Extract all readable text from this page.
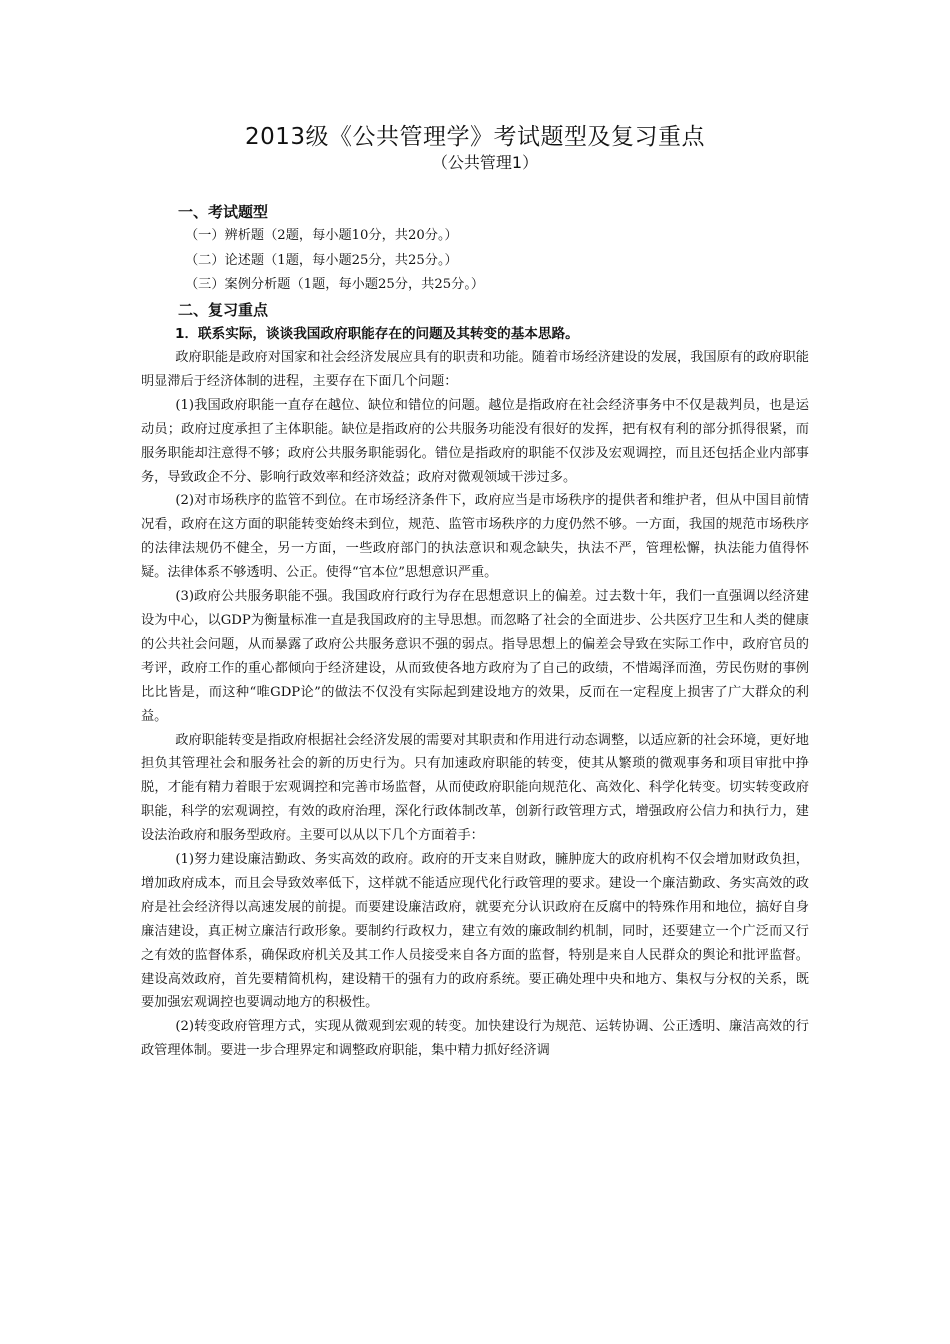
2013级《公共管理学》考试题型及复习重点
（公共管理1）

一、考试题型

（一）辨析题（2题，每小题10分，共20分。）

（二）论述题（1题，每小题25分，共25分。）

（三）案例分析题（1题，每小题25分，共25分。）

二、复习重点

1．联系实际，谈谈我国政府职能存在的问题及其转变的基本思路。

政府职能是政府对国家和社会经济发展应具有的职责和功能。随着市场经济建设的发展，我国原有的政府职能明显滞后于经济体制的进程，主要存在下面几个问题：

(1)我国政府职能一直存在越位、缺位和错位的问题。越位是指政府在社会经济事务中不仅是裁判员，也是运动员；政府过度承担了主体职能。缺位是指政府的公共服务功能没有很好的发挥，把有权有利的部分抓得很紧，而服务职能却注意得不够；政府公共服务职能弱化。错位是指政府的职能不仅涉及宏观调控，而且还包括企业内部事务，导致政企不分、影响行政效率和经济效益；政府对微观领域干涉过多。

(2)对市场秩序的监管不到位。在市场经济条件下，政府应当是市场秩序的提供者和维护者，但从中国目前情况看，政府在这方面的职能转变始终未到位，规范、监管市场秩序的力度仍然不够。一方面，我国的规范市场秩序的法律法规仍不健全，另一方面，一些政府部门的执法意识和观念缺失，执法不严，管理松懈，执法能力值得怀疑。法律体系不够透明、公正。使得“官本位”思想意识严重。

(3)政府公共服务职能不强。我国政府行政行为存在思想意识上的偏差。过去数十年，我们一直强调以经济建设为中心，以GDP为衡量标准一直是我国政府的主导思想。而忽略了社会的全面进步、公共医疗卫生和人类的健康的公共社会问题，从而暴露了政府公共服务意识不强的弱点。指导思想上的偏差会导致在实际工作中，政府官员的考评，政府工作的重心都倾向于经济建设，从而致使各地方政府为了自己的政绩，不惜竭泽而渔，劳民伤财的事例比比皆是，而这种“唯GDP论”的做法不仅没有实际起到建设地方的效果，反而在一定程度上损害了广大群众的利益。

政府职能转变是指政府根据社会经济发展的需要对其职责和作用进行动态调整，以适应新的社会环境，更好地担负其管理社会和服务社会的新的历史行为。只有加速政府职能的转变，使其从繁琐的微观事务和项目审批中挣脱，才能有精力着眼于宏观调控和完善市场监督，从而使政府职能向规范化、高效化、科学化转变。切实转变政府职能，科学的宏观调控，有效的政府治理，深化行政体制改革，创新行政管理方式，增强政府公信力和执行力，建设法治政府和服务型政府。主要可以从以下几个方面着手：

(1)努力建设廉洁勤政、务实高效的政府。政府的开支来自财政，臃肿庞大的政府机构不仅会增加财政负担，增加政府成本，而且会导致效率低下，这样就不能适应现代化行政管理的要求。建设一个廉洁勤政、务实高效的政府是社会经济得以高速发展的前提。而要建设廉洁政府，就要充分认识政府在反腐中的特殊作用和地位，搞好自身廉洁建设，真正树立廉洁行政形象。要制约行政权力，建立有效的廉政制约机制，同时，还要建立一个广泛而又行之有效的监督体系，确保政府机关及其工作人员接受来自各方面的监督，特别是来自人民群众的舆论和批评监督。建设高效政府，首先要精简机构，建设精干的强有力的政府系统。要正确处理中央和地方、集权与分权的关系，既要加强宏观调控也要调动地方的积极性。

(2)转变政府管理方式，实现从微观到宏观的转变。加快建设行为规范、运转协调、公正透明、廉洁高效的行政管理体制。要进一步合理界定和调整政府职能，集中精力抓好经济调
